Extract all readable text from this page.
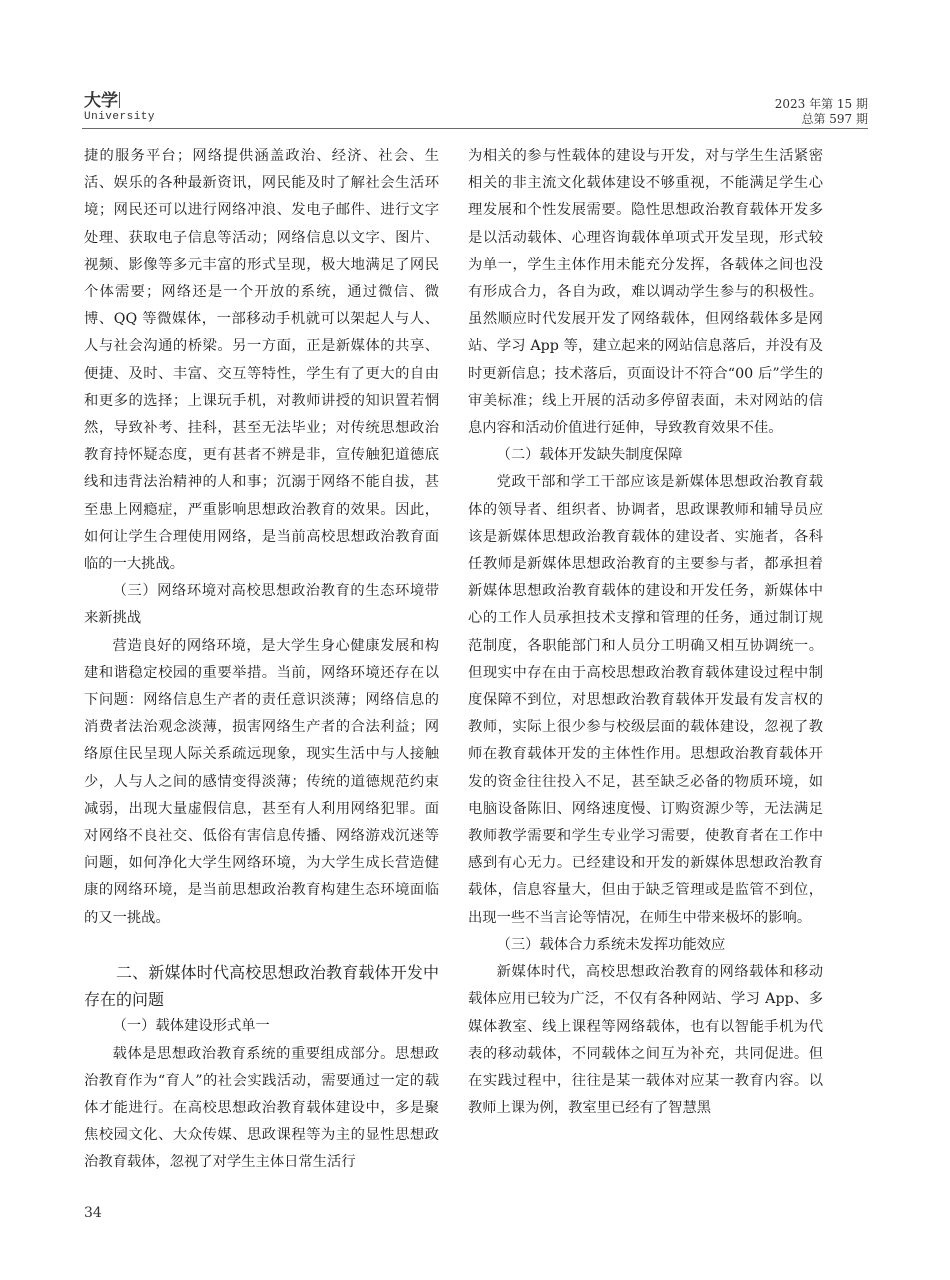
大学
University
2023 年第 15 期
总第 597 期

捷的服务平台；网络提供涵盖政治、经济、社会、生活、娱乐的各种最新资讯，网民能及时了解社会生活环境；网民还可以进行网络冲浪、发电子邮件、进行文字处理、获取电子信息等活动；网络信息以文字、图片、视频、影像等多元丰富的形式呈现，极大地满足了网民个体需要；网络还是一个开放的系统，通过微信、微博、QQ 等微媒体，一部移动手机就可以架起人与人、人与社会沟通的桥梁。另一方面，正是新媒体的共享、便捷、及时、丰富、交互等特性，学生有了更大的自由和更多的选择；上课玩手机，对教师讲授的知识置若惘然，导致补考、挂科，甚至无法毕业；对传统思想政治教育持怀疑态度，更有甚者不辨是非，宣传触犯道德底线和违背法治精神的人和事；沉溺于网络不能自拔，甚至患上网瘾症，严重影响思想政治教育的效果。因此，如何让学生合理使用网络，是当前高校思想政治教育面临的一大挑战。

（三）网络环境对高校思想政治教育的生态环境带来新挑战

营造良好的网络环境，是大学生身心健康发展和构建和谐稳定校园的重要举措。当前，网络环境还存在以下问题：网络信息生产者的责任意识淡薄；网络信息的消费者法治观念淡薄，损害网络生产者的合法利益；网络原住民呈现人际关系疏远现象，现实生活中与人接触少，人与人之间的感情变得淡薄；传统的道德规范约束减弱，出现大量虚假信息，甚至有人利用网络犯罪。面对网络不良社交、低俗有害信息传播、网络游戏沉迷等问题，如何净化大学生网络环境，为大学生成长营造健康的网络环境，是当前思想政治教育构建生态环境面临的又一挑战。

二、新媒体时代高校思想政治教育载体开发中存在的问题

（一）载体建设形式单一

载体是思想政治教育系统的重要组成部分。思想政治教育作为“育人”的社会实践活动，需要通过一定的载体才能进行。在高校思想政治教育载体建设中，多是聚焦校园文化、大众传媒、思政课程等为主的显性思想政治教育载体，忽视了对学生主体日常生活行

为相关的参与性载体的建设与开发，对与学生生活紧密相关的非主流文化载体建设不够重视，不能满足学生心理发展和个性发展需要。隐性思想政治教育载体开发多是以活动载体、心理咨询载体单项式开发呈现，形式较为单一，学生主体作用未能充分发挥，各载体之间也没有形成合力，各自为政，难以调动学生参与的积极性。虽然顺应时代发展开发了网络载体，但网络载体多是网站、学习 App 等，建立起来的网站信息落后，并没有及时更新信息；技术落后，页面设计不符合“00 后”学生的审美标准；线上开展的活动多停留表面，未对网站的信息内容和活动价值进行延伸，导致教育效果不佳。

（二）载体开发缺失制度保障

党政干部和学工干部应该是新媒体思想政治教育载体的领导者、组织者、协调者，思政课教师和辅导员应该是新媒体思想政治教育载体的建设者、实施者，各科任教师是新媒体思想政治教育的主要参与者，都承担着新媒体思想政治教育载体的建设和开发任务，新媒体中心的工作人员承担技术支撑和管理的任务，通过制订规范制度，各职能部门和人员分工明确又相互协调统一。但现实中存在由于高校思想政治教育载体建设过程中制度保障不到位，对思想政治教育载体开发最有发言权的教师，实际上很少参与校级层面的载体建设，忽视了教师在教育载体开发的主体性作用。思想政治教育载体开发的资金往往投入不足，甚至缺乏必备的物质环境，如电脑设备陈旧、网络速度慢、订购资源少等，无法满足教师教学需要和学生专业学习需要，使教育者在工作中感到有心无力。已经建设和开发的新媒体思想政治教育载体，信息容量大，但由于缺乏管理或是监管不到位，出现一些不当言论等情况，在师生中带来极坏的影响。

（三）载体合力系统未发挥功能效应

新媒体时代，高校思想政治教育的网络载体和移动载体应用已较为广泛，不仅有各种网站、学习 App、多媒体教室、线上课程等网络载体，也有以智能手机为代表的移动载体，不同载体之间互为补充，共同促进。但在实践过程中，往往是某一载体对应某一教育内容。以教师上课为例，教室里已经有了智慧黑

34
